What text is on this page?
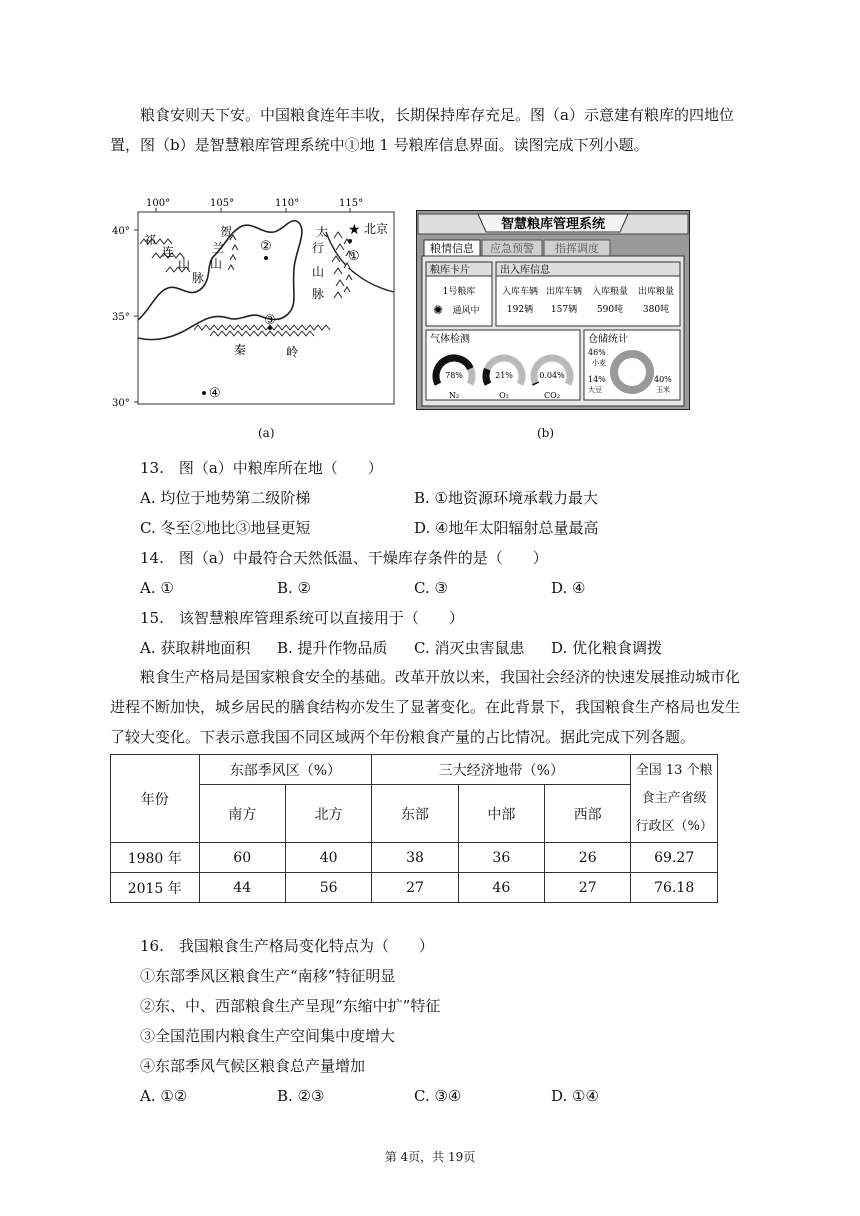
粮食安则天下安。中国粮食连年丰收，长期保持库存充足。图（a）示意建有粮库的四地位置，图（b）是智慧粮库管理系统中①地 1 号粮库信息界面。读图完成下列小题。
100°	105°	110°	115°
40°
35°
30°
祁
连
山
脉
贺
兰
山
太
行
山
脉
秦	岭
★ 北京
①
②
③
④
(a)
智慧粮库管理系统
粮情信息 应急预警 指挥调度
粮库卡片
1号粮库
✺ 通风中
出入库信息
入库车辆 出库车辆 入库粮量 出库粮量
192辆 157辆 590吨 380吨
气体检测
78%
N₂
21%
O₂
0.04%
CO₂
仓储统计
46%
小麦
14%
大豆
40%
玉米
(b)
13.　图（a）中粮库所在地（　　）
A. 均位于地势第二级阶梯	B. ①地资源环境承载力最大
C. 冬至②地比③地昼更短	D. ④地年太阳辐射总量最高
14.　图（a）中最符合天然低温、干燥库存条件的是（　　）
A. ①	B. ②	C. ③	D. ④
15.　该智慧粮库管理系统可以直接用于（　　）
A. 获取耕地面积 B. 提升作物品质 C. 消灭虫害鼠患 D. 优化粮食调拨
粮食生产格局是国家粮食安全的基础。改革开放以来，我国社会经济的快速发展推动城市化进程不断加快，城乡居民的膳食结构亦发生了显著变化。在此背景下，我国粮食生产格局也发生了较大变化。下表示意我国不同区域两个年份粮食产量的占比情况。据此完成下列各题。
年份	东部季风区（%）		三大经济地带（%）			全国 13 个粮
食主产省级
行政区（%）

	南方	北方	东部	中部	西部	
1980 年	60	40	38	36	26	69.27
2015 年	44	56	27	46	27	76.18
16.　我国粮食生产格局变化特点为（　　）
①东部季风区粮食生产“南移”特征明显
②东、中、西部粮食生产呈现“东缩中扩”特征
③全国范围内粮食生产空间集中度增大
④东部季风气候区粮食总产量增加
A. ①②	B. ②③	C. ③④	D. ①④
第 4页，共 19页
